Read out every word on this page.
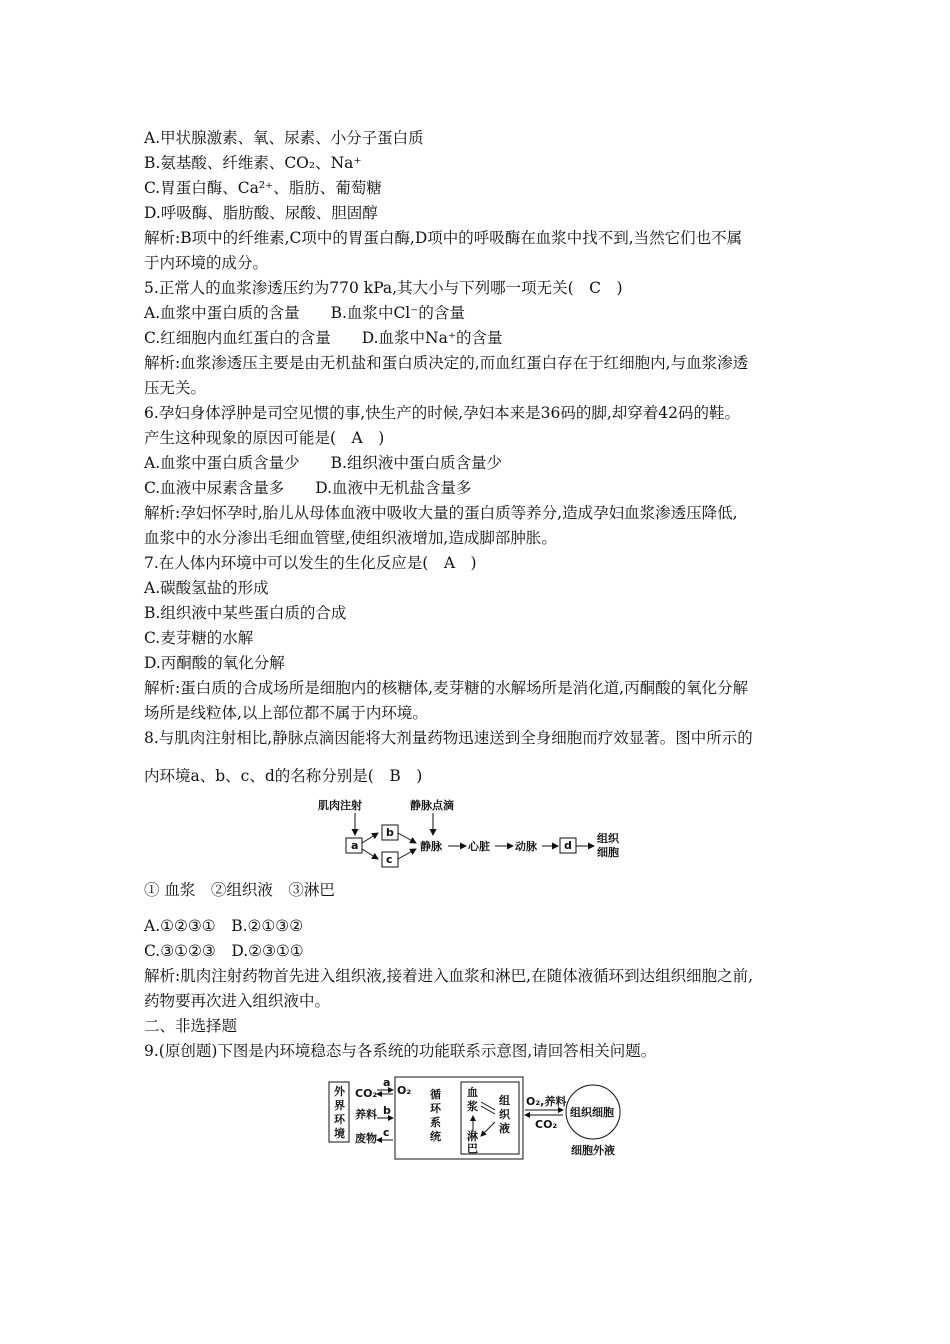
A.甲状腺激素、氧、尿素、小分子蛋白质
B.氨基酸、纤维素、CO₂、Na⁺
C.胃蛋白酶、Ca²⁺、脂肪、葡萄糖
D.呼吸酶、脂肪酸、尿酸、胆固醇
解析:B项中的纤维素,C项中的胃蛋白酶,D项中的呼吸酶在血浆中找不到,当然它们也不属
于内环境的成分。
5.正常人的血浆渗透压约为770 kPa,其大小与下列哪一项无关(　C　)
A.血浆中蛋白质的含量　　B.血浆中Cl⁻的含量
C.红细胞内血红蛋白的含量　　D.血浆中Na⁺的含量
解析:血浆渗透压主要是由无机盐和蛋白质决定的,而血红蛋白存在于红细胞内,与血浆渗透
压无关。
6.孕妇身体浮肿是司空见惯的事,快生产的时候,孕妇本来是36码的脚,却穿着42码的鞋。
产生这种现象的原因可能是(　A　)
A.血浆中蛋白质含量少　　B.组织液中蛋白质含量少
C.血液中尿素含量多　　D.血液中无机盐含量多
解析:孕妇怀孕时,胎儿从母体血液中吸收大量的蛋白质等养分,造成孕妇血浆渗透压降低,
血浆中的水分渗出毛细血管壁,使组织液增加,造成脚部肿胀。
7.在人体内环境中可以发生的生化反应是(　A　)
A.碳酸氢盐的形成
B.组织液中某些蛋白质的合成
C.麦芽糖的水解
D.丙酮酸的氧化分解
解析:蛋白质的合成场所是细胞内的核糖体,麦芽糖的水解场所是消化道,丙酮酸的氧化分解
场所是线粒体,以上部位都不属于内环境。
8.与肌肉注射相比,静脉点滴因能将大剂量药物迅速送到全身细胞而疗效显著。图中所示的
内环境a、b、c、d的名称分别是(　B　)
① 血浆　②组织液　③淋巴
A.①②③①　B.②①③②
C.③①②③　D.②③①①
解析:肌肉注射药物首先进入组织液,接着进入血浆和淋巴,在随体液循环到达组织细胞之前,
药物要再次进入组织液中。
二、非选择题
9.(原创题)下图是内环境稳态与各系统的功能联系示意图,请回答相关问题。
肌肉注射	静脉点滴
a
b
c
静脉 心脏 动脉 d
组织
细胞
外
界
环
境
CO₂
养料
废物
a
b
c
O₂ 循
环
系
统
血
浆
淋
巴
组
织
液
O₂,养料
CO₂
组织细胞
细胞外液
